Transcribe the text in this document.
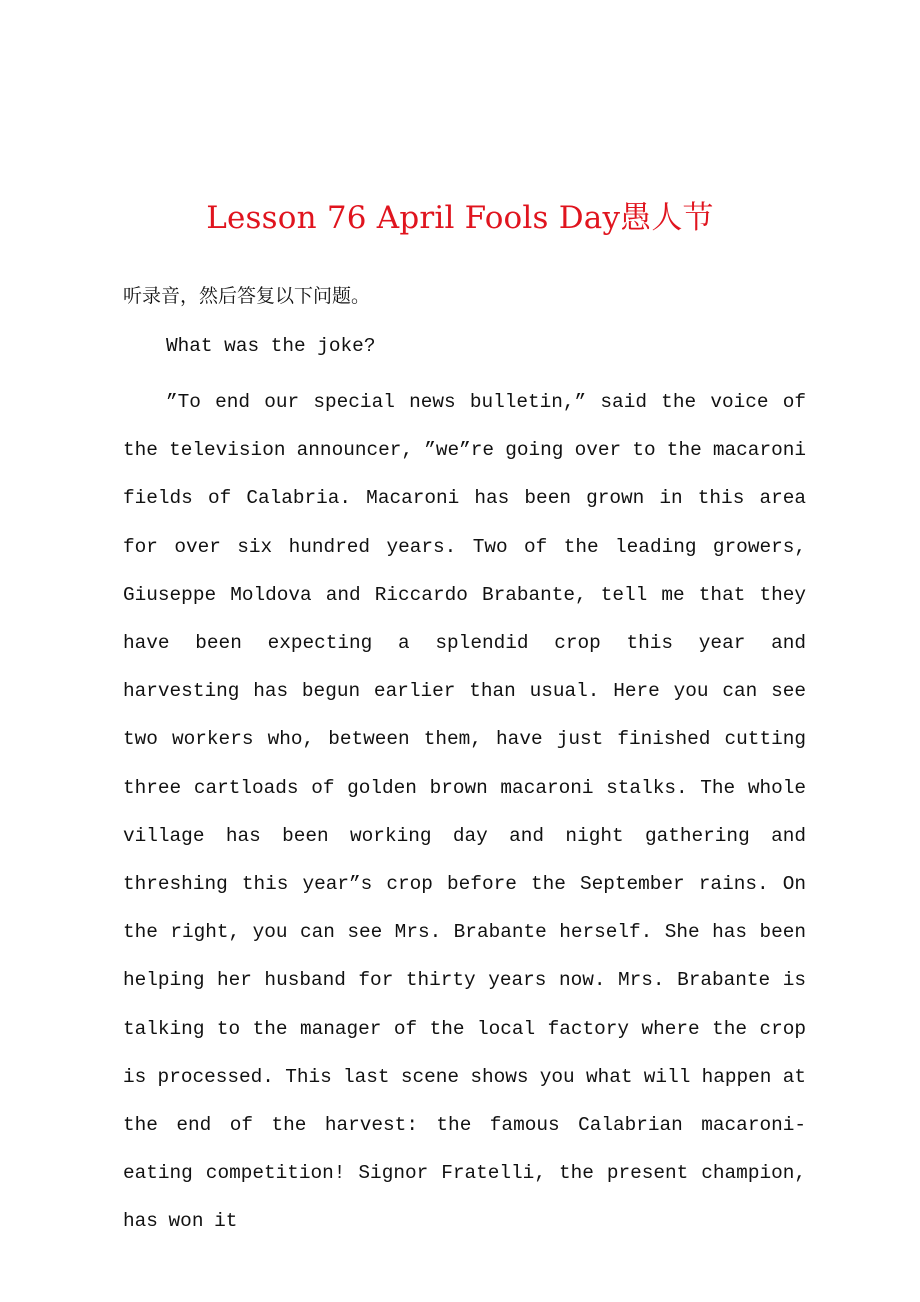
Lesson 76 April Fools Day愚人节

听录音，然后答复以下问题。

What was the joke?

”To end our special news bulletin,” said the voice of the television announcer, ”we”re going over to the macaroni fields of Calabria. Macaroni has been grown in this area for over six hundred years. Two of the leading growers, Giuseppe Moldova and Riccardo Brabante, tell me that they have been expecting a splendid crop this year and harvesting has begun earlier than usual. Here you can see two workers who, between them, have just finished cutting three cartloads of golden brown macaroni stalks. The whole village has been working day and night gathering and threshing this year”s crop before the September rains. On the right, you can see Mrs. Brabante herself. She has been helping her husband for thirty years now. Mrs. Brabante is talking to the manager of the local factory where the crop is processed. This last scene shows you what will happen at the end of the harvest: the famous Calabrian macaroni-eating competition! Signor Fratelli, the present champion, has won it
